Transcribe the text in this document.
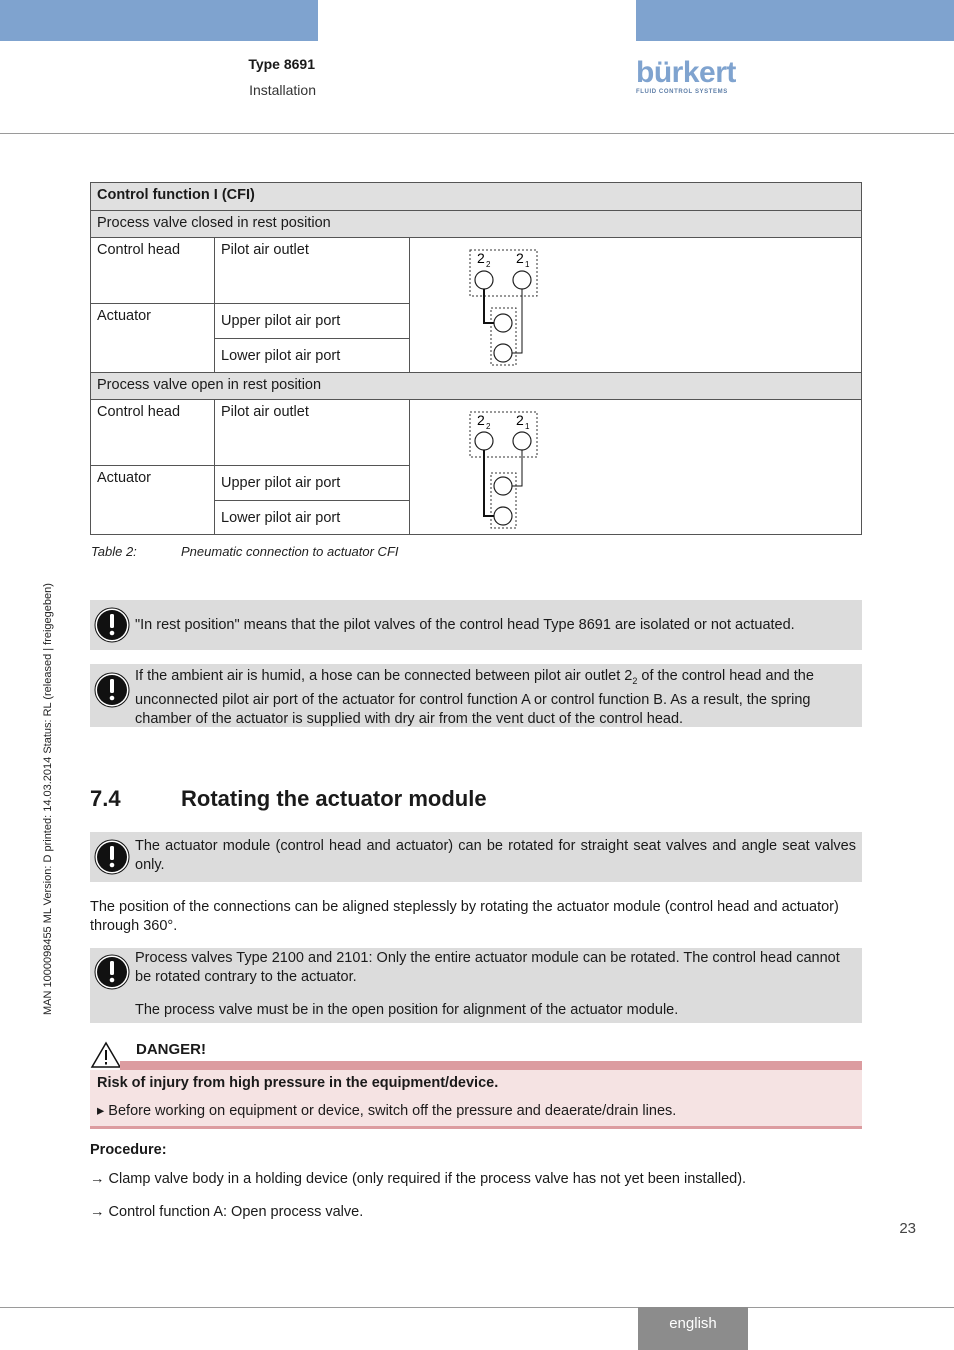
Type 8691
Installation
bürkert
FLUID CONTROL SYSTEMS
MAN 1000098455 ML Version: D printed: 14.03.2014 Status: RL (released | freigegeben)
Control function I (CFI)		
Process valve closed in rest position		
Control head	Pilot air outlet	2 2 2 1

Actuator	Upper pilot air port	
	Lower pilot air port	
Process valve open in rest position		
Control head	Pilot air outlet	2 2 2 1

Actuator	Upper pilot air port	
	Lower pilot air port	
Table 2:	Pneumatic connection to actuator CFI

"In rest position" means that the pilot valves of the control head Type 8691 are isolated or not actuated.

If the ambient air is humid, a hose can be connected between pilot air outlet $2_2$ of the control head and the unconnected pilot air port of the actuator for control function A or control function B. As a result, the spring chamber of the actuator is supplied with dry air from the vent duct of the control head.

7.4	Rotating the actuator module

The actuator module (control head and actuator) can be rotated for straight seat valves and angle seat valves only.

The position of the connections can be aligned steplessly by rotating the actuator module (control head and actuator) through 360°.

Process valves Type 2100 and 2101: Only the entire actuator module can be rotated. The control head cannot be rotated contrary to the actuator.

The process valve must be in the open position for alignment of the actuator module.

DANGER!
Risk of injury from high pressure in the equipment/device.
▸ Before working on equipment or device, switch off the pressure and deaerate/drain lines.
Procedure:
→ Clamp valve body in a holding device (only required if the process valve has not yet been installed).
→ Control function A: Open process valve.
23
english
